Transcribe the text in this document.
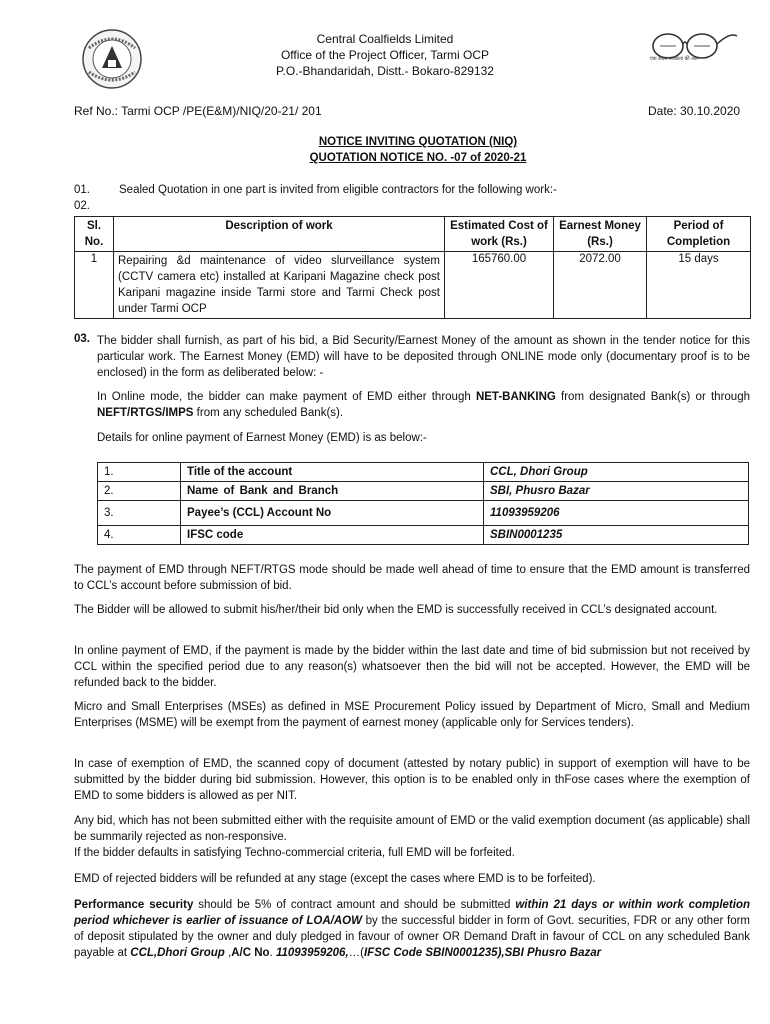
एक कदम स्वच्छता की ओर
Central Coalfields Limited
Office of the Project Officer, Tarmi OCP
P.O.-Bhandaridah, Distt.- Bokaro-829132
Ref No.: Tarmi OCP /PE(E&M)/NIQ/20-21/ 201	Date: 30.10.2020
NOTICE INVITING QUOTATION (NIQ)
QUOTATION NOTICE NO. -07 of 2020-21
01.	Sealed Quotation in one part is invited from eligible contractors for the following work:-
02.
Sl. No.	Description of work	Estimated Cost of work (Rs.)	Earnest Money (Rs.)	Period of Completion
1	Repairing &d maintenance of video slurveillance system (CCTV camera etc) installed at Karipani Magazine check post Karipani magazine inside Tarmi store and Tarmi Check post under Tarmi OCP	165760.00	2072.00	15 days
03. The bidder shall furnish, as part of his bid, a Bid Security/Earnest Money of the amount as shown in the tender notice for this particular work. The Earnest Money (EMD) will have to be deposited through ONLINE mode only (documentary proof is to be enclosed) in the form as deliberated below: -
In Online mode, the bidder can make payment of EMD either through NET-BANKING from designated Bank(s) or through NEFT/RTGS/IMPS from any scheduled Bank(s).
Details for online payment of Earnest Money (EMD) is as below:-
1.	Title of the account	CCL, Dhori Group
2.	Name of Bank and Branch	SBI, Phusro Bazar
3.	Payee’s (CCL) Account No	11093959206
4.	IFSC code	SBIN0001235
The payment of EMD through NEFT/RTGS mode should be made well ahead of time to ensure that the EMD amount is transferred to CCL’s account before submission of bid.
The Bidder will be allowed to submit his/her/their bid only when the EMD is successfully received in CCL’s designated account.
In online payment of EMD, if the payment is made by the bidder within the last date and time of bid submission but not received by CCL within the specified period due to any reason(s) whatsoever then the bid will not be accepted. However, the EMD will be refunded back to the bidder.
Micro and Small Enterprises (MSEs) as defined in MSE Procurement Policy issued by Department of Micro, Small and Medium Enterprises (MSME) will be exempt from the payment of earnest money (applicable only for Services tenders).
In case of exemption of EMD, the scanned copy of document (attested by notary public) in support of exemption will have to be submitted by the bidder during bid submission. However, this option is to be enabled only in thFose cases where the exemption of EMD to some bidders is allowed as per NIT.
Any bid, which has not been submitted either with the requisite amount of EMD or the valid exemption document (as applicable) shall be summarily rejected as non-responsive.
If the bidder defaults in satisfying Techno-commercial criteria, full EMD will be forfeited.
EMD of rejected bidders will be refunded at any stage (except the cases where EMD is to be forfeited).
Performance security should be 5% of contract amount and should be submitted within 21 days or within work completion period whichever is earlier of issuance of LOA/AOW by the successful bidder in form of Govt. securities, FDR or any other form of deposit stipulated by the owner and duly pledged in favour of owner OR Demand Draft in favour of CCL on any scheduled Bank payable at CCL,Dhori Group ,A/C No. 11093959206,…(IFSC Code SBIN0001235),SBI Phusro Bazar
